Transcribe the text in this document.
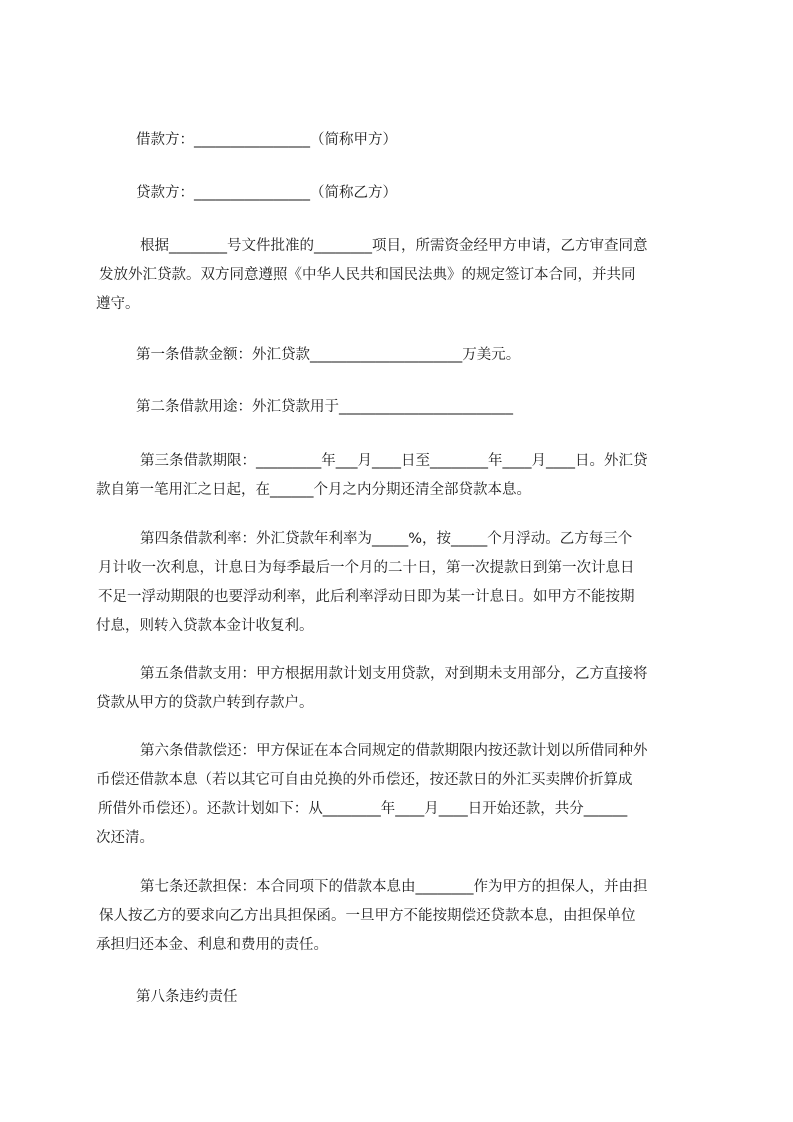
借款方：________________（简称甲方）

贷款方：________________（简称乙方）

根据________号文件批准的________项目，所需资金经甲方申请，乙方审查同意
发放外汇贷款。双方同意遵照《中华人民共和国民法典》的规定签订本合同，并共同
遵守。

第一条借款金额：外汇贷款_____________________万美元。

第二条借款用途：外汇贷款用于________________________

第三条借款期限：_________年___月____日至________年____月____日。外汇贷
款自第一笔用汇之日起，在______个月之内分期还清全部贷款本息。

第四条借款利率：外汇贷款年利率为_____%，按_____个月浮动。乙方每三个
月计收一次利息，计息日为每季最后一个月的二十日，第一次提款日到第一次计息日
不足一浮动期限的也要浮动利率，此后利率浮动日即为某一计息日。如甲方不能按期
付息，则转入贷款本金计收复利。

第五条借款支用：甲方根据用款计划支用贷款，对到期未支用部分，乙方直接将
贷款从甲方的贷款户转到存款户。

第六条借款偿还：甲方保证在本合同规定的借款期限内按还款计划以所借同种外
币偿还借款本息（若以其它可自由兑换的外币偿还，按还款日的外汇买卖牌价折算成
所借外币偿还）。还款计划如下：从________年____月____日开始还款，共分______
次还清。

第七条还款担保：本合同项下的借款本息由________作为甲方的担保人，并由担
保人按乙方的要求向乙方出具担保函。一旦甲方不能按期偿还贷款本息，由担保单位
承担归还本金、利息和费用的责任。

第八条违约责任
